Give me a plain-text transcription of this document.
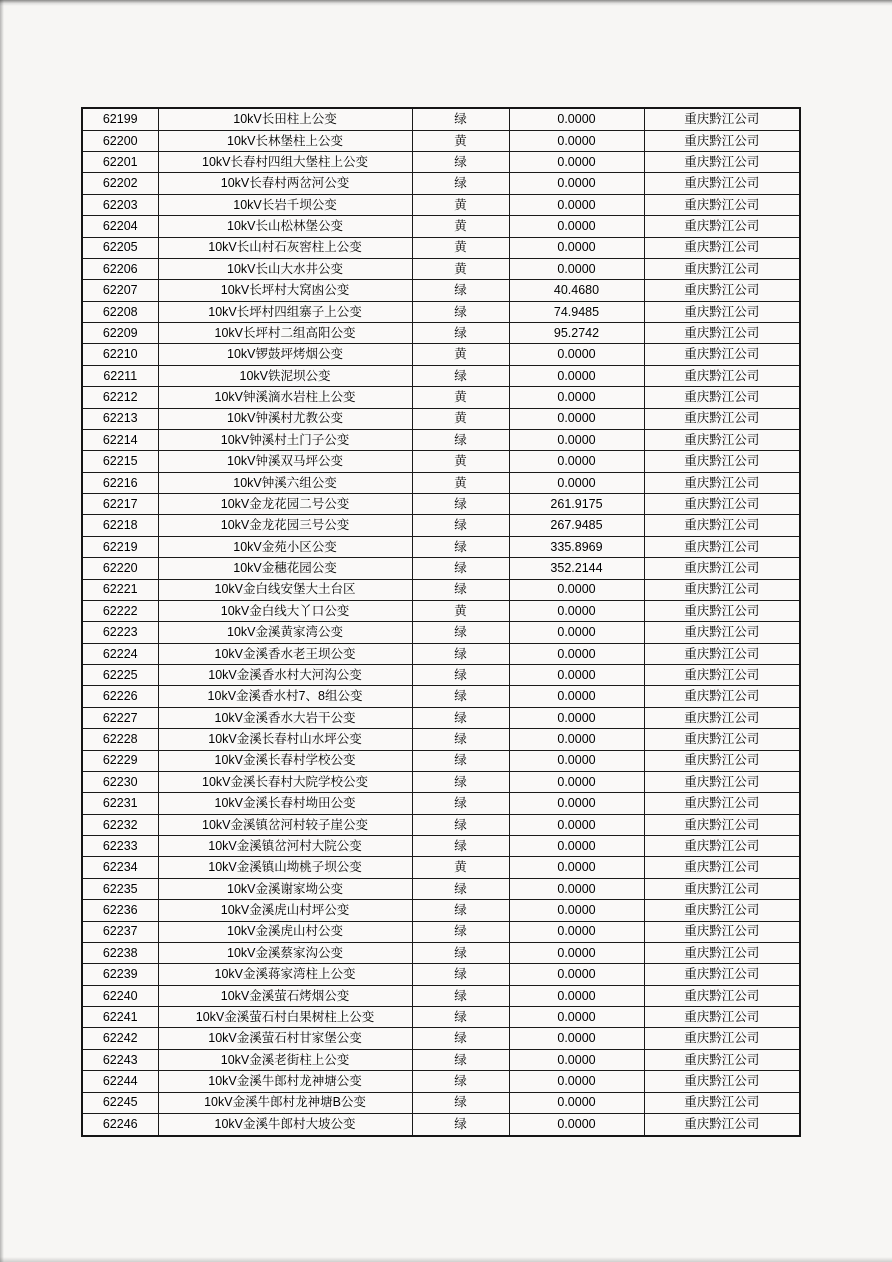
62199	10kV长田柱上公变	绿	0.0000	重庆黔江公司
62200	10kV长林堡柱上公变	黄	0.0000	重庆黔江公司
62201	10kV长春村四组大堡柱上公变	绿	0.0000	重庆黔江公司
62202	10kV长春村两岔河公变	绿	0.0000	重庆黔江公司
62203	10kV长岩千坝公变	黄	0.0000	重庆黔江公司
62204	10kV长山松林堡公变	黄	0.0000	重庆黔江公司
62205	10kV长山村石灰窖柱上公变	黄	0.0000	重庆黔江公司
62206	10kV长山大水井公变	黄	0.0000	重庆黔江公司
62207	10kV长坪村大窝凼公变	绿	40.4680	重庆黔江公司
62208	10kV长坪村四组寨子上公变	绿	74.9485	重庆黔江公司
62209	10kV长坪村二组高阳公变	绿	95.2742	重庆黔江公司
62210	10kV锣鼓坪烤烟公变	黄	0.0000	重庆黔江公司
62211	10kV铁泥坝公变	绿	0.0000	重庆黔江公司
62212	10kV钟溪滴水岩柱上公变	黄	0.0000	重庆黔江公司
62213	10kV钟溪村尤教公变	黄	0.0000	重庆黔江公司
62214	10kV钟溪村土门子公变	绿	0.0000	重庆黔江公司
62215	10kV钟溪双马坪公变	黄	0.0000	重庆黔江公司
62216	10kV钟溪六组公变	黄	0.0000	重庆黔江公司
62217	10kV金龙花园二号公变	绿	261.9175	重庆黔江公司
62218	10kV金龙花园三号公变	绿	267.9485	重庆黔江公司
62219	10kV金苑小区公变	绿	335.8969	重庆黔江公司
62220	10kV金穗花园公变	绿	352.2144	重庆黔江公司
62221	10kV金白线安堡大土台区	绿	0.0000	重庆黔江公司
62222	10kV金白线大丫口公变	黄	0.0000	重庆黔江公司
62223	10kV金溪黄家湾公变	绿	0.0000	重庆黔江公司
62224	10kV金溪香水老王坝公变	绿	0.0000	重庆黔江公司
62225	10kV金溪香水村大河沟公变	绿	0.0000	重庆黔江公司
62226	10kV金溪香水村7、8组公变	绿	0.0000	重庆黔江公司
62227	10kV金溪香水大岩干公变	绿	0.0000	重庆黔江公司
62228	10kV金溪长春村山水坪公变	绿	0.0000	重庆黔江公司
62229	10kV金溪长春村学校公变	绿	0.0000	重庆黔江公司
62230	10kV金溪长春村大院学校公变	绿	0.0000	重庆黔江公司
62231	10kV金溪长春村坳田公变	绿	0.0000	重庆黔江公司
62232	10kV金溪镇岔河村较子崖公变	绿	0.0000	重庆黔江公司
62233	10kV金溪镇岔河村大院公变	绿	0.0000	重庆黔江公司
62234	10kV金溪镇山坳桃子坝公变	黄	0.0000	重庆黔江公司
62235	10kV金溪谢家坳公变	绿	0.0000	重庆黔江公司
62236	10kV金溪虎山村坪公变	绿	0.0000	重庆黔江公司
62237	10kV金溪虎山村公变	绿	0.0000	重庆黔江公司
62238	10kV金溪蔡家沟公变	绿	0.0000	重庆黔江公司
62239	10kV金溪蒋家湾柱上公变	绿	0.0000	重庆黔江公司
62240	10kV金溪萤石烤烟公变	绿	0.0000	重庆黔江公司
62241	10kV金溪萤石村白果树柱上公变	绿	0.0000	重庆黔江公司
62242	10kV金溪萤石村甘家堡公变	绿	0.0000	重庆黔江公司
62243	10kV金溪老街柱上公变	绿	0.0000	重庆黔江公司
62244	10kV金溪牛郎村龙神塘公变	绿	0.0000	重庆黔江公司
62245	10kV金溪牛郎村龙神塘B公变	绿	0.0000	重庆黔江公司
62246	10kV金溪牛郎村大坡公变	绿	0.0000	重庆黔江公司
